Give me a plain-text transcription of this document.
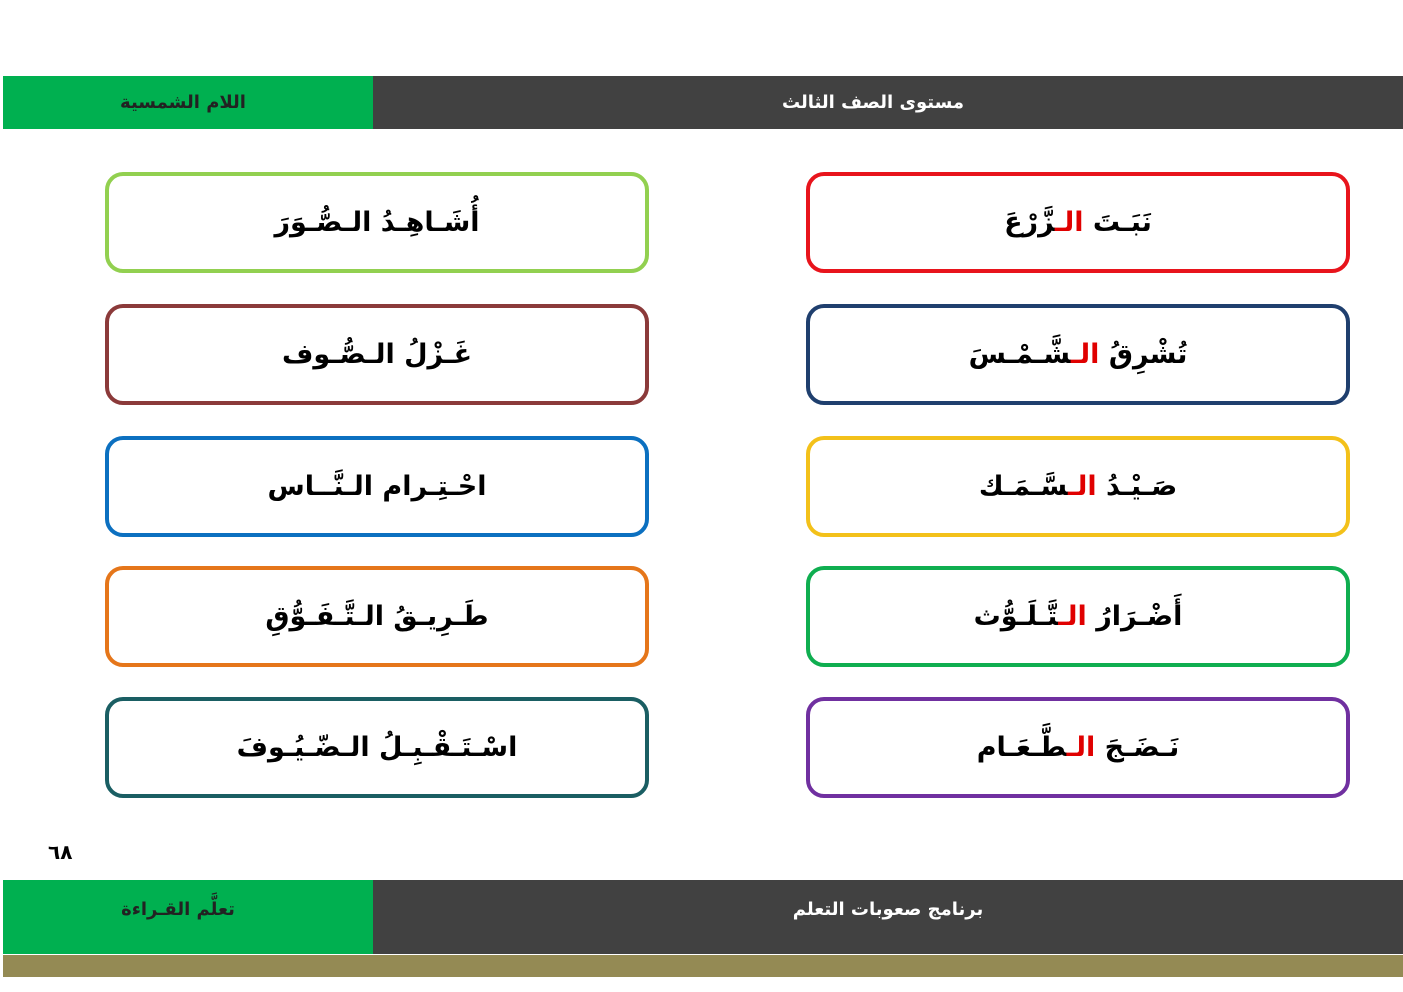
اللام الشمسية	مستوى الصف الثالث
نَبَـتَ الـزَّرْعَ
تُشْرِقُ الـشَّـمْـسَ
صَـيْـدُ الـسَّـمَـك
أَضْـرَارُ الـتَّـلَـوُّث
نَـضَـجَ الـطَّـعَـام
أُشَـاهِـدُ الـصُّـوَرَ
غَـزْلُ الـصُّـوف
احْـتِـرام الـنَّــاس
طَـرِيـقُ الـتَّـفَـوُّقِ
اسْـتَـقْـبِـلُ الـضّـيُـوفَ
٦٨
تعلَّم القـراءة	برنامج صعوبات التعلم
